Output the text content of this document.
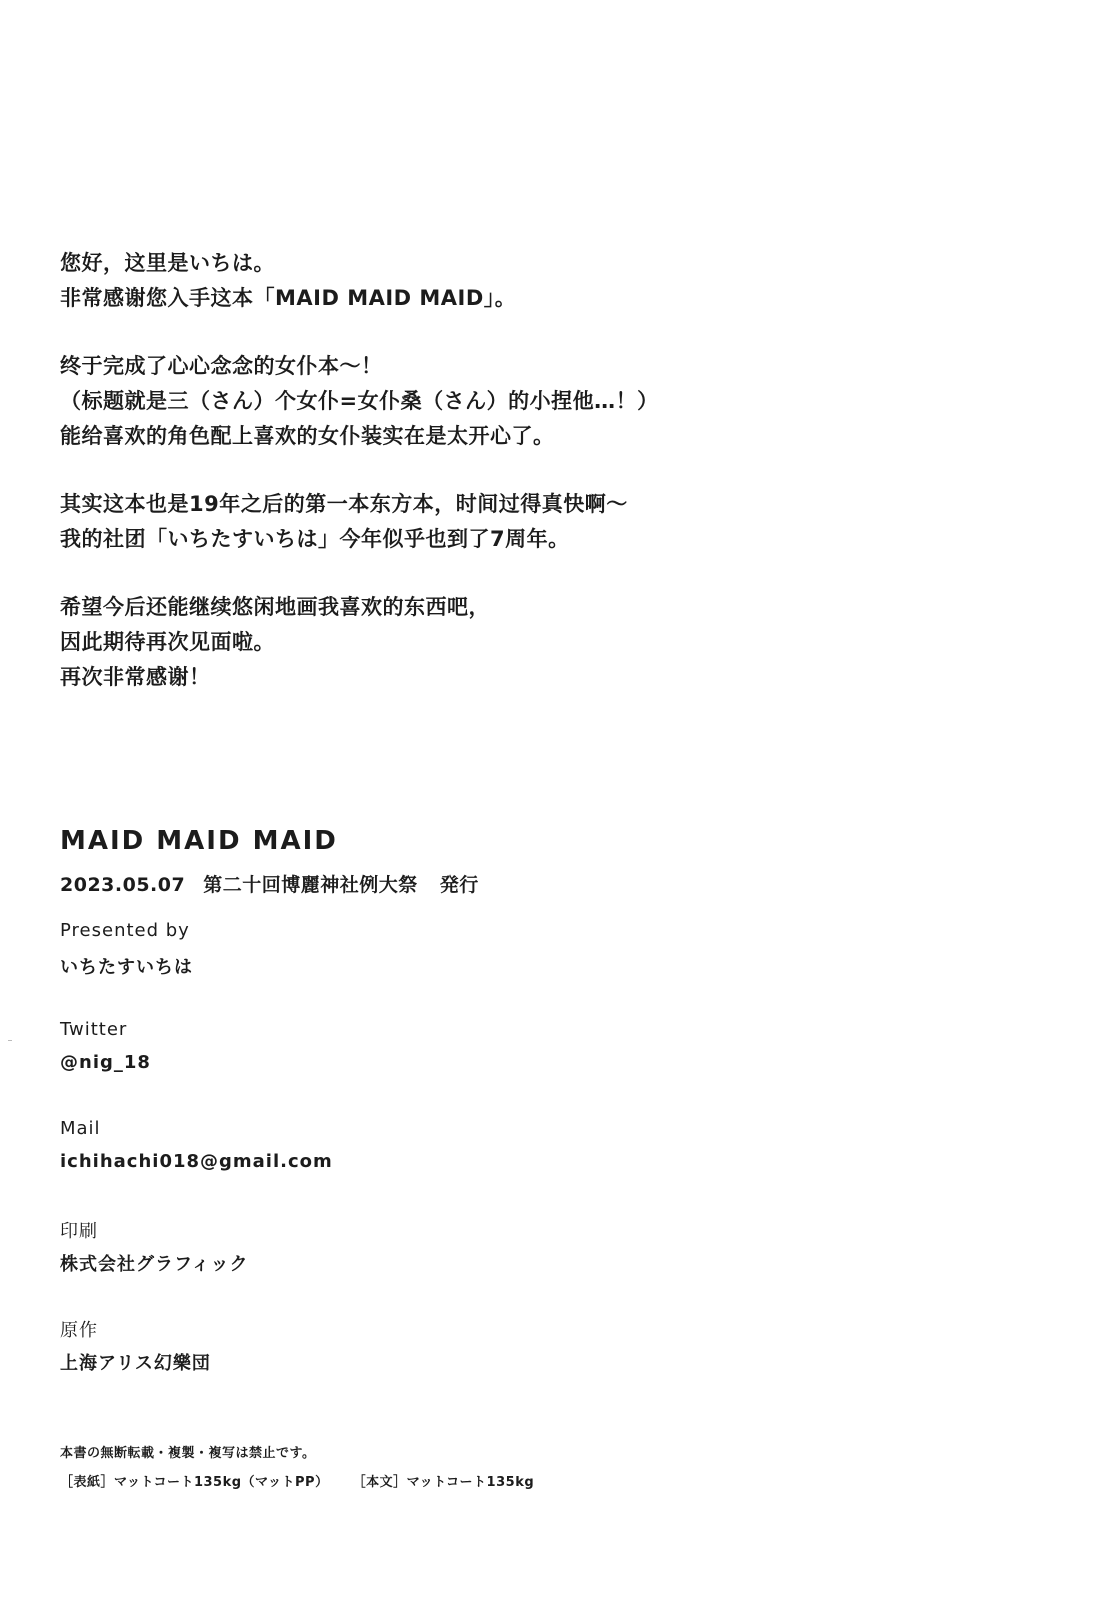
您好，这里是いちは。
非常感谢您入手这本「MAID MAID MAID」。
终于完成了心心念念的女仆本～！
（标题就是三（さん）个女仆=女仆桑（さん）的小捏他…！）
能给喜欢的角色配上喜欢的女仆装实在是太开心了。
其实这本也是19年之后的第一本东方本，时间过得真快啊～
我的社团「いちたすいちは」今年似乎也到了7周年。
希望今后还能继续悠闲地画我喜欢的东西吧，
因此期待再次见面啦。
再次非常感谢！
MAID MAID MAID
2023.05.07 第二十回博麗神社例大祭 発行
Presented by
いちたすいちは
Twitter
@nig_18
Mail
ichihachi018@gmail.com
印刷
株式会社グラフィック
原作
上海アリス幻樂団
本書の無断転載・複製・複写は禁止です。
［表紙］マットコート135kg（マットPP） ［本文］マットコート135kg
